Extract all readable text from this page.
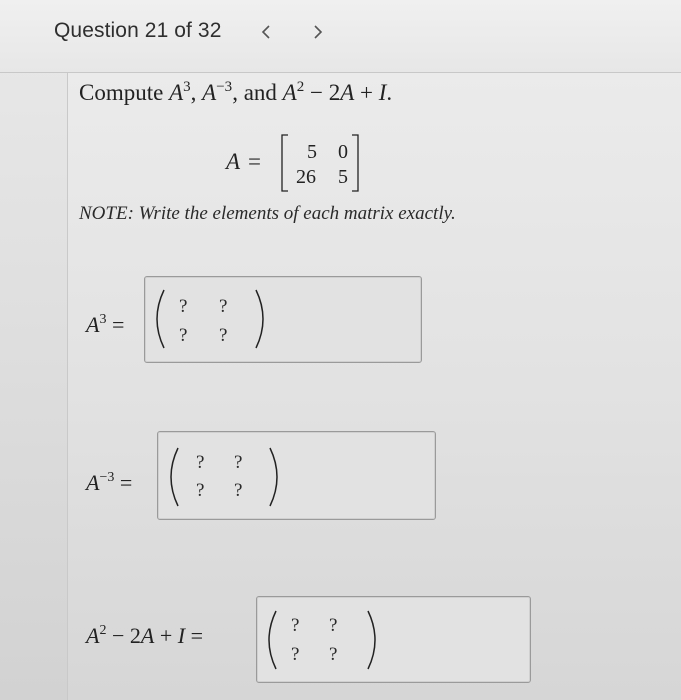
Question 21 of 32
Compute $A^3$, $A^{-3}$, and $A^2 - 2A + I$.
A = 5 0
26 5
NOTE: Write the elements of each matrix exactly.
$A^3$ =
? ?
? ?
$A^{-3}$ =
? ?
? ?
$A^2 - 2A + I$ =	? ?
? ?
